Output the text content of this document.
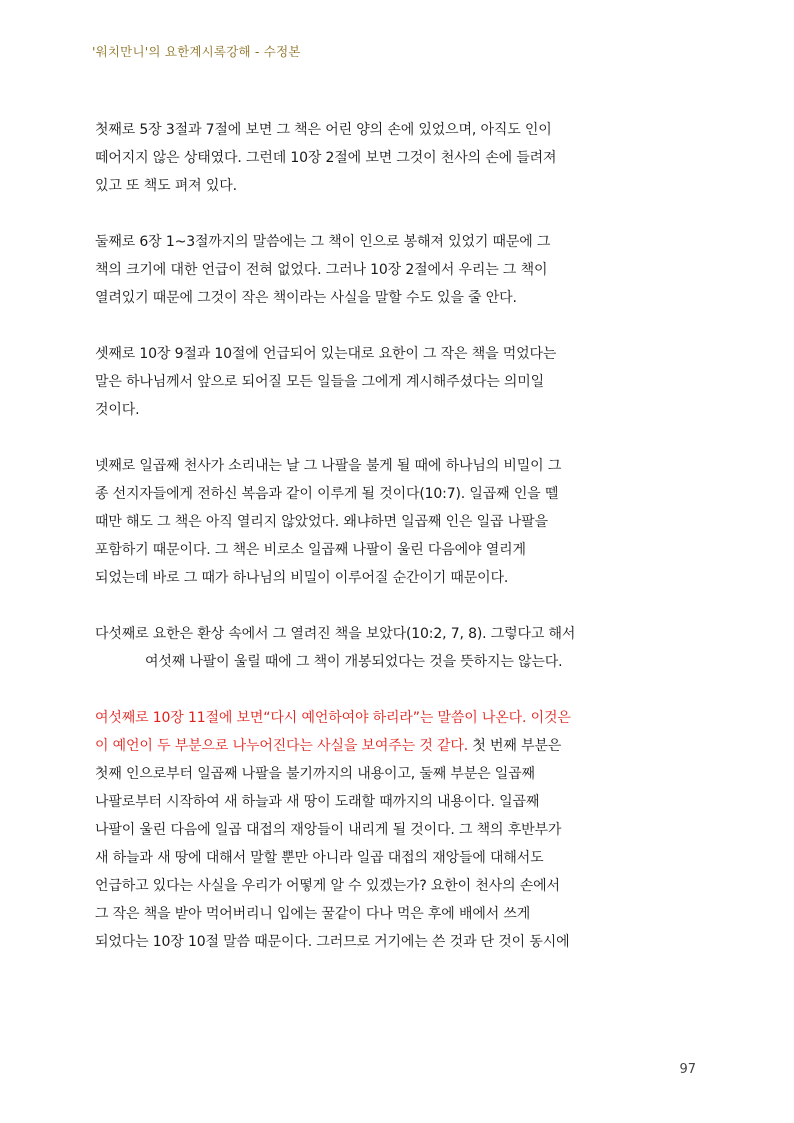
'워치만니'의 요한계시록강해 - 수정본
첫째로 5장 3절과 7절에 보면 그 책은 어린 양의 손에 있었으며, 아직도 인이
떼어지지 않은 상태였다. 그런데 10장 2절에 보면 그것이 천사의 손에 들려져
있고 또 책도 펴져 있다.
둘째로 6장 1~3절까지의 말씀에는 그 책이 인으로 봉해져 있었기 때문에 그
책의 크기에 대한 언급이 전혀 없었다. 그러나 10장 2절에서 우리는 그 책이
열려있기 때문에 그것이 작은 책이라는 사실을 말할 수도 있을 줄 안다.
셋째로 10장 9절과 10절에 언급되어 있는대로 요한이 그 작은 책을 먹었다는
말은 하나님께서 앞으로 되어질 모든 일들을 그에게 계시해주셨다는 의미일
것이다.
넷째로 일곱째 천사가 소리내는 날 그 나팔을 불게 될 때에 하나님의 비밀이 그
종 선지자들에게 전하신 복음과 같이 이루게 될 것이다(10:7). 일곱째 인을 뗄
때만 해도 그 책은 아직 열리지 않았었다. 왜냐하면 일곱째 인은 일곱 나팔을
포함하기 때문이다. 그 책은 비로소 일곱째 나팔이 울린 다음에야 열리게
되었는데 바로 그 때가 하나님의 비밀이 이루어질 순간이기 때문이다.
다섯째로 요한은 환상 속에서 그 열려진 책을 보았다(10:2, 7, 8). 그렇다고 해서
여섯째 나팔이 울릴 때에 그 책이 개봉되었다는 것을 뜻하지는 않는다.
여섯째로 10장 11절에 보면“다시 예언하여야 하리라”는 말씀이 나온다. 이것은
이 예언이 두 부분으로 나누어진다는 사실을 보여주는 것 같다. 첫 번째 부분은
첫째 인으로부터 일곱째 나팔을 불기까지의 내용이고, 둘째 부분은 일곱째
나팔로부터 시작하여 새 하늘과 새 땅이 도래할 때까지의 내용이다. 일곱째
나팔이 울린 다음에 일곱 대접의 재앙들이 내리게 될 것이다. 그 책의 후반부가
새 하늘과 새 땅에 대해서 말할 뿐만 아니라 일곱 대접의 재앙들에 대해서도
언급하고 있다는 사실을 우리가 어떻게 알 수 있겠는가? 요한이 천사의 손에서
그 작은 책을 받아 먹어버리니 입에는 꿀같이 다나 먹은 후에 배에서 쓰게
되었다는 10장 10절 말씀 때문이다. 그러므로 거기에는 쓴 것과 단 것이 동시에
97
